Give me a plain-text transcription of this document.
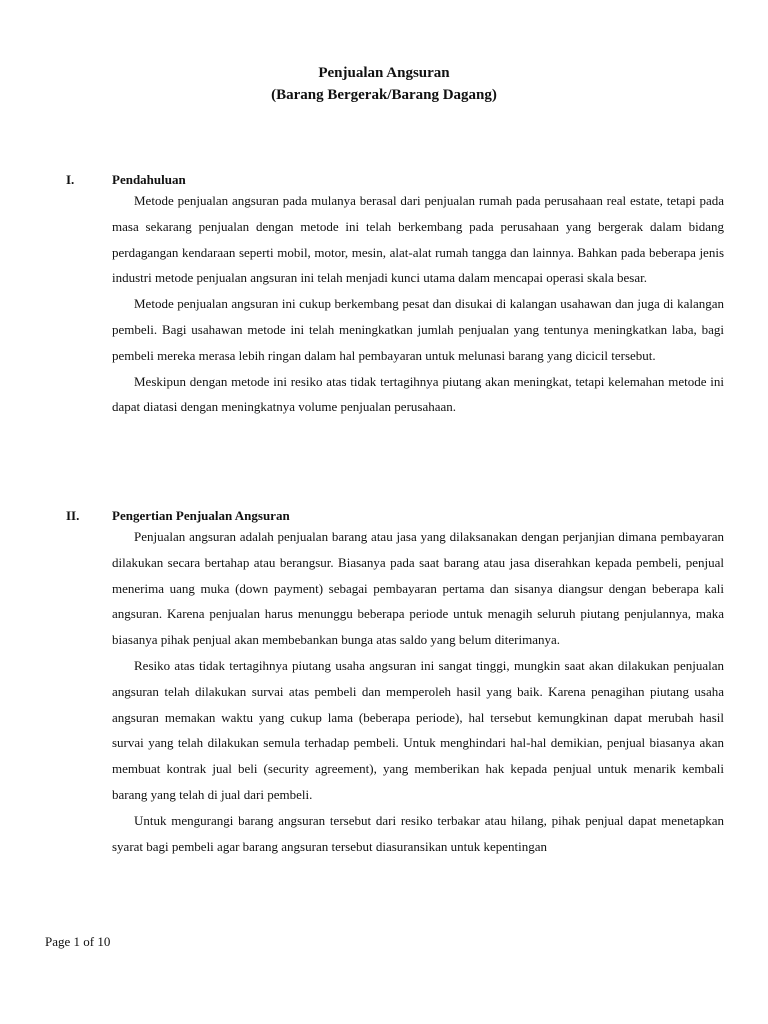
Penjualan Angsuran
(Barang Bergerak/Barang Dagang)
I.	Pendahuluan

Metode penjualan angsuran pada mulanya berasal dari penjualan rumah pada perusahaan real estate, tetapi pada masa sekarang penjualan dengan metode ini telah berkembang pada perusahaan yang bergerak dalam bidang perdagangan kendaraan seperti mobil, motor, mesin, alat-alat rumah tangga dan lainnya. Bahkan pada beberapa jenis industri metode penjualan angsuran ini telah menjadi kunci utama dalam mencapai operasi skala besar.

Metode penjualan angsuran ini cukup berkembang pesat dan disukai di kalangan usahawan dan juga di kalangan pembeli. Bagi usahawan metode ini telah meningkatkan jumlah penjualan yang tentunya meningkatkan laba, bagi pembeli mereka merasa lebih ringan dalam hal pembayaran untuk melunasi barang yang dicicil tersebut.

Meskipun dengan metode ini resiko atas tidak tertagihnya piutang akan meningkat, tetapi kelemahan metode ini dapat diatasi dengan meningkatnya volume penjualan perusahaan.

II.	Pengertian Penjualan Angsuran

Penjualan angsuran adalah penjualan barang atau jasa yang dilaksanakan dengan perjanjian dimana pembayaran dilakukan secara bertahap atau berangsur. Biasanya pada saat barang atau jasa diserahkan kepada pembeli, penjual menerima uang muka (down payment) sebagai pembayaran pertama dan sisanya diangsur dengan beberapa kali angsuran. Karena penjualan harus menunggu beberapa periode untuk menagih seluruh piutang penjulannya, maka biasanya pihak penjual akan membebankan bunga atas saldo yang belum diterimanya.

Resiko atas tidak tertagihnya piutang usaha angsuran ini sangat tinggi, mungkin saat akan dilakukan penjualan angsuran telah dilakukan survai atas pembeli dan memperoleh hasil yang baik. Karena penagihan piutang usaha angsuran memakan waktu yang cukup lama (beberapa periode), hal tersebut kemungkinan dapat merubah hasil survai yang telah dilakukan semula terhadap pembeli. Untuk menghindari hal-hal demikian, penjual biasanya akan membuat kontrak jual beli (security agreement), yang memberikan hak kepada penjual untuk menarik kembali barang yang telah di jual dari pembeli.

Untuk mengurangi barang angsuran tersebut dari resiko terbakar atau hilang, pihak penjual dapat menetapkan syarat bagi pembeli agar barang angsuran tersebut diasuransikan untuk kepentingan

Page 1 of 10
